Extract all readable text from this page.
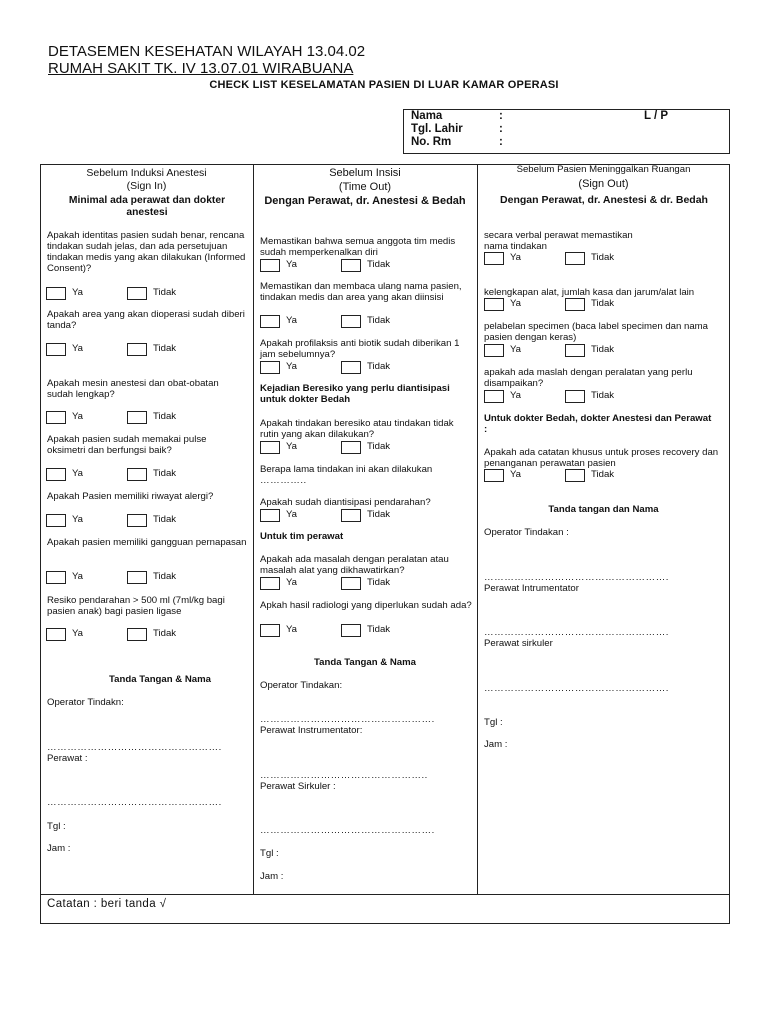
DETASEMEN KESEHATAN WILAYAH 13.04.02
RUMAH SAKIT TK. IV 13.07.01 WIRABUANA
CHECK LIST KESELAMATAN PASIEN DI LUAR KAMAR OPERASI
Nama	:	L / P
Tgl. Lahir	:
No. Rm	:
Sebelum Induksi Anestesi
(Sign In)
Minimal ada perawat dan dokter anestesi
Apakah identitas pasien sudah benar, rencana tindakan sudah jelas, dan ada persetujuan tindakan medis yang akan dilakukan (Informed Consent)?
Ya	Tidak
Apakah area yang akan dioperasi sudah diberi tanda?
Ya	Tidak
Apakah mesin anestesi dan obat-obatan sudah lengkap?
Ya	Tidak
Apakah pasien sudah memakai pulse oksimetri dan berfungsi baik?
Ya	Tidak
Apakah Pasien memiliki riwayat alergi?
Ya	Tidak
Apakah pasien memiliki gangguan pernapasan
Ya	Tidak
Resiko pendarahan > 500 ml (7ml/kg bagi pasien anak) bagi pasien ligase
Ya	Tidak
Tanda Tangan & Nama
Operator Tindakn:
…………………………………………….
Perawat :
…………………………………………….
Tgl :
Jam :
Sebelum Insisi
(Time Out)
Dengan Perawat, dr. Anestesi & Bedah
Memastikan bahwa semua anggota tim medis sudah memperkenalkan diri
Ya	Tidak
Memastikan dan membaca ulang nama pasien, tindakan medis dan area yang akan diinsisi
Ya	Tidak
Apakah profilaksis anti biotik sudah diberikan 1 jam sebelumnya?
Ya	Tidak
Kejadian Beresiko yang perlu diantisipasi untuk dokter Bedah
Apakah tindakan beresiko atau tindakan tidak rutin yang akan dilakukan?
Ya	Tidak
Berapa lama tindakan ini akan dilakukan
…………..
Apakah sudah diantisipasi pendarahan?
Ya	Tidak
Untuk tim perawat
Apakah ada masalah dengan peralatan atau masalah alat yang dikhawatirkan?
Ya	Tidak
Apkah hasil radiologi yang diperlukan sudah ada?
Ya	Tidak
Tanda Tangan & Nama
Operator Tindakan:
…………………………………………….
Perawat Instrumentator:
…………………………………………..
Perawat Sirkuler :
…………………………………………….
Tgl :
Jam :
Sebelum Pasien Meninggalkan Ruangan
(Sign Out)
Dengan Perawat, dr. Anestesi & dr. Bedah
secara verbal perawat memastikan nama tindakan
Ya	Tidak
kelengkapan alat, jumlah kasa dan jarum/alat lain
Ya	Tidak
pelabelan specimen (baca label specimen dan nama pasien dengan keras)
Ya	Tidak
apakah ada maslah dengan peralatan yang perlu disampaikan?
Ya	Tidak
Untuk dokter Bedah, dokter Anestesi dan Perawat :
Apakah ada catatan khusus untuk proses recovery dan penanganan perawatan pasien
Ya	Tidak
Tanda tangan dan Nama
Operator Tindakan :
……………………………………………….
Perawat Intrumentator
……………………………………………….
Perawat sirkuler
……………………………………………….
Tgl :
Jam :
Catatan : beri tanda √
